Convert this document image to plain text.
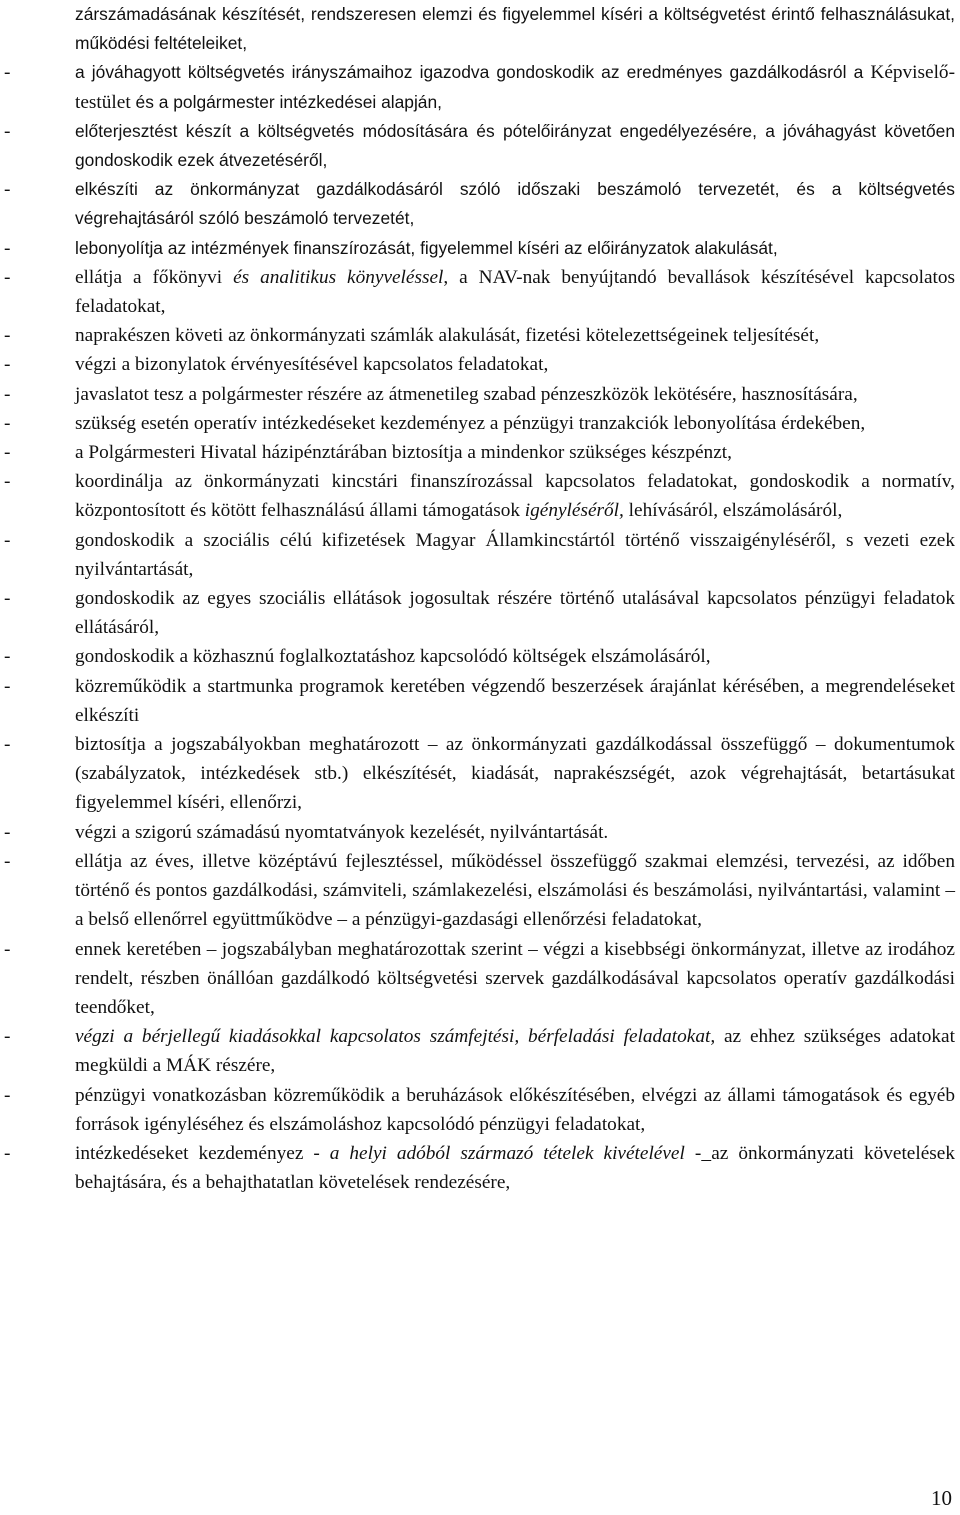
zárszámadásának készítését, rendszeresen elemzi és figyelemmel kíséri a költségvetést érintő felhasználásukat, működési feltételeiket,
-	a jóváhagyott költségvetés irányszámaihoz igazodva gondoskodik az eredményes gazdálkodásról a Képviselő-testület és a polgármester intézkedései alapján,
-	előterjesztést készít a költségvetés módosítására és pótelőirányzat engedélyezésére, a jóváhagyást követően gondoskodik ezek átvezetéséről,
-	elkészíti az önkormányzat gazdálkodásáról szóló időszaki beszámoló tervezetét, és a költségvetés végrehajtásáról szóló beszámoló tervezetét,
-	lebonyolítja az intézmények finanszírozását, figyelemmel kíséri az előirányzatok alakulását,
-	ellátja a főkönyvi és analitikus könyveléssel, a NAV-nak benyújtandó bevallások készítésével kapcsolatos feladatokat,
-	naprakészen követi az önkormányzati számlák alakulását, fizetési kötelezettségeinek teljesítését,
-	végzi a bizonylatok érvényesítésével kapcsolatos feladatokat,
-	javaslatot tesz a polgármester részére az átmenetileg szabad pénzeszközök lekötésére, hasznosítására,
-	szükség esetén operatív intézkedéseket kezdeményez a pénzügyi tranzakciók lebonyolítása érdekében,
-	a Polgármesteri Hivatal házipénztárában biztosítja a mindenkor szükséges készpénzt,
-	koordinálja az önkormányzati kincstári finanszírozással kapcsolatos feladatokat, gondoskodik a normatív, központosított és kötött felhasználású állami támogatások igényléséről, lehívásáról, elszámolásáról,
-	gondoskodik a szociális célú kifizetések Magyar Államkincstártól történő visszaigényléséről, s vezeti ezek nyilvántartását,
-	gondoskodik az egyes szociális ellátások jogosultak részére történő utalásával kapcsolatos pénzügyi feladatok ellátásáról,
-	gondoskodik a közhasznú foglalkoztatáshoz kapcsolódó költségek elszámolásáról,
-	közreműködik a startmunka programok keretében végzendő beszerzések árajánlat kérésében, a megrendeléseket elkészíti
-	biztosítja a jogszabályokban meghatározott – az önkormányzati gazdálkodással összefüggő – dokumentumok (szabályzatok, intézkedések stb.) elkészítését, kiadását, naprakészségét, azok végrehajtását, betartásukat figyelemmel kíséri, ellenőrzi,
-	végzi a szigorú számadású nyomtatványok kezelését, nyilvántartását.
-	ellátja az éves, illetve középtávú fejlesztéssel, működéssel összefüggő szakmai elemzési, tervezési, az időben történő és pontos gazdálkodási, számviteli, számlakezelési, elszámolási és beszámolási, nyilvántartási, valamint – a belső ellenőrrel együttműködve – a pénzügyi-gazdasági ellenőrzési feladatokat,
-	ennek keretében – jogszabályban meghatározottak szerint – végzi a kisebbségi önkormányzat, illetve az irodához rendelt, részben önállóan gazdálkodó költségvetési szervek gazdálkodásával kapcsolatos operatív gazdálkodási teendőket,
-	végzi a bérjellegű kiadásokkal kapcsolatos számfejtési, bérfeladási feladatokat, az ehhez szükséges adatokat megküldi a MÁK részére,
-	pénzügyi vonatkozásban közreműködik a beruházások előkészítésében, elvégzi az állami támogatások és egyéb források igényléséhez és elszámoláshoz kapcsolódó pénzügyi feladatokat,
-	intézkedéseket kezdeményez - a helyi adóból származó tételek kivételével - az önkormányzati követelések behajtására, és a behajthatatlan követelések rendezésére,
10
